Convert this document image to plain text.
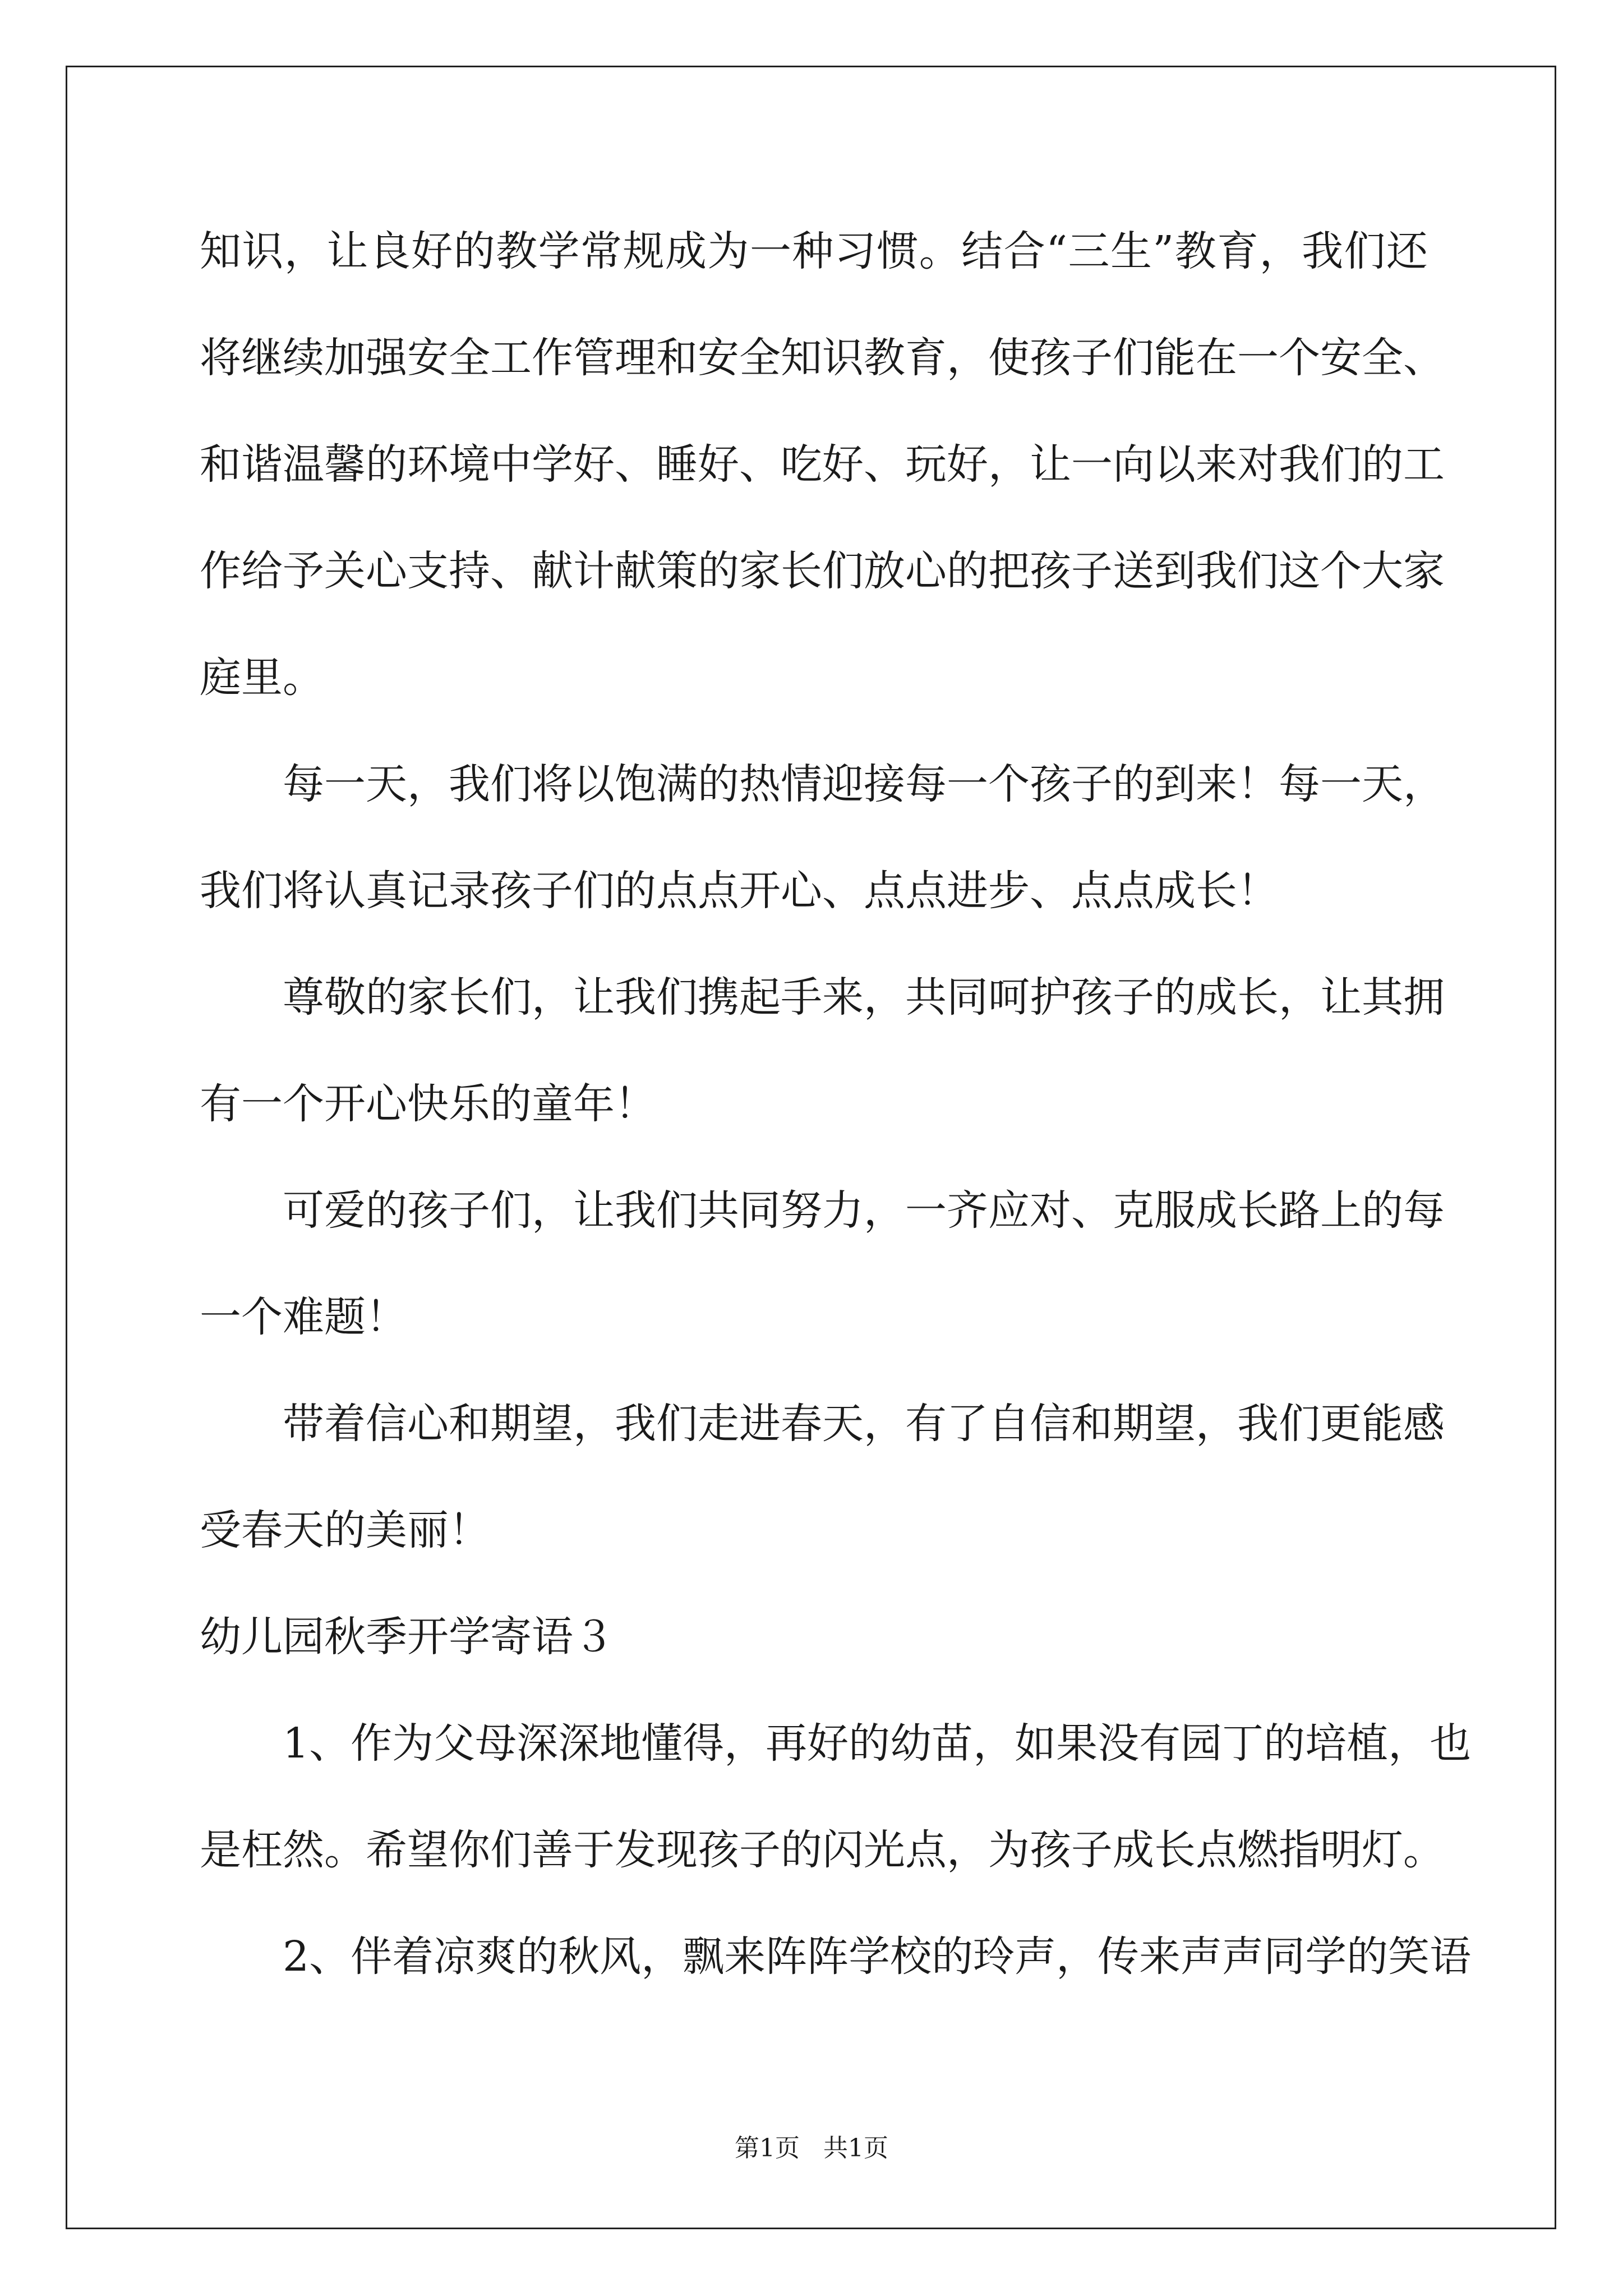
知识，让良好的教学常规成为一种习惯。结合“三生”教育，我们还
将继续加强安全工作管理和安全知识教育，使孩子们能在一个安全、
和谐温馨的环境中学好、睡好、吃好、玩好，让一向以来对我们的工
作给予关心支持、献计献策的家长们放心的把孩子送到我们这个大家
庭里。
每一天，我们将以饱满的热情迎接每一个孩子的到来！每一天，
我们将认真记录孩子们的点点开心、点点进步、点点成长！
尊敬的家长们，让我们携起手来，共同呵护孩子的成长，让其拥
有一个开心快乐的童年！
可爱的孩子们，让我们共同努力，一齐应对、克服成长路上的每
一个难题！
带着信心和期望，我们走进春天，有了自信和期望，我们更能感
受春天的美丽！
幼儿园秋季开学寄语３
1、作为父母深深地懂得，再好的幼苗，如果没有园丁的培植，也
是枉然。希望你们善于发现孩子的闪光点，为孩子成长点燃指明灯。
2、伴着凉爽的秋风，飘来阵阵学校的玲声，传来声声同学的笑语
第1页 共1页
